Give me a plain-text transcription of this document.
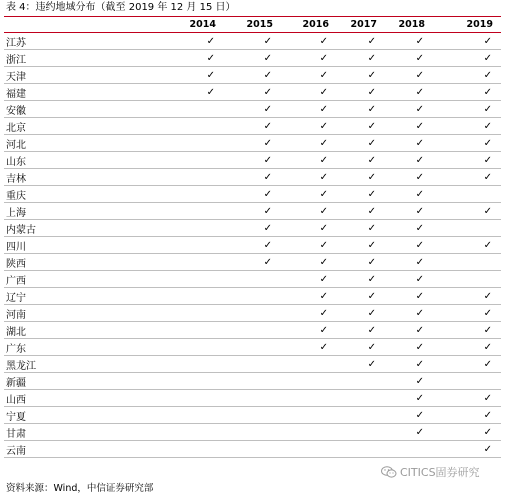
表 4：违约地域分布（截至 2019 年 12 月 15 日）
	2014	2015	2016	2017	2018	2019
江苏	✓	✓	✓	✓	✓	✓
浙江	✓	✓	✓	✓	✓	✓
天津	✓	✓	✓	✓	✓	✓
福建	✓	✓	✓	✓	✓	✓
安徽		✓	✓	✓	✓	✓
北京		✓	✓	✓	✓	✓
河北		✓	✓	✓	✓	✓
山东		✓	✓	✓	✓	✓
吉林		✓	✓	✓	✓	✓
重庆		✓	✓	✓	✓	
上海		✓	✓	✓	✓	✓
内蒙古		✓	✓	✓	✓	
四川		✓	✓	✓	✓	✓
陕西		✓	✓	✓	✓	
广西			✓	✓	✓	
辽宁			✓	✓	✓	✓
河南			✓	✓	✓	✓
湖北			✓	✓	✓	✓
广东			✓	✓	✓	✓
黑龙江				✓	✓	✓
新疆					✓	
山西					✓	✓
宁夏					✓	✓
甘肃					✓	✓
云南						✓
资料来源：Wind，中信证券研究部
CITICS固券研究
